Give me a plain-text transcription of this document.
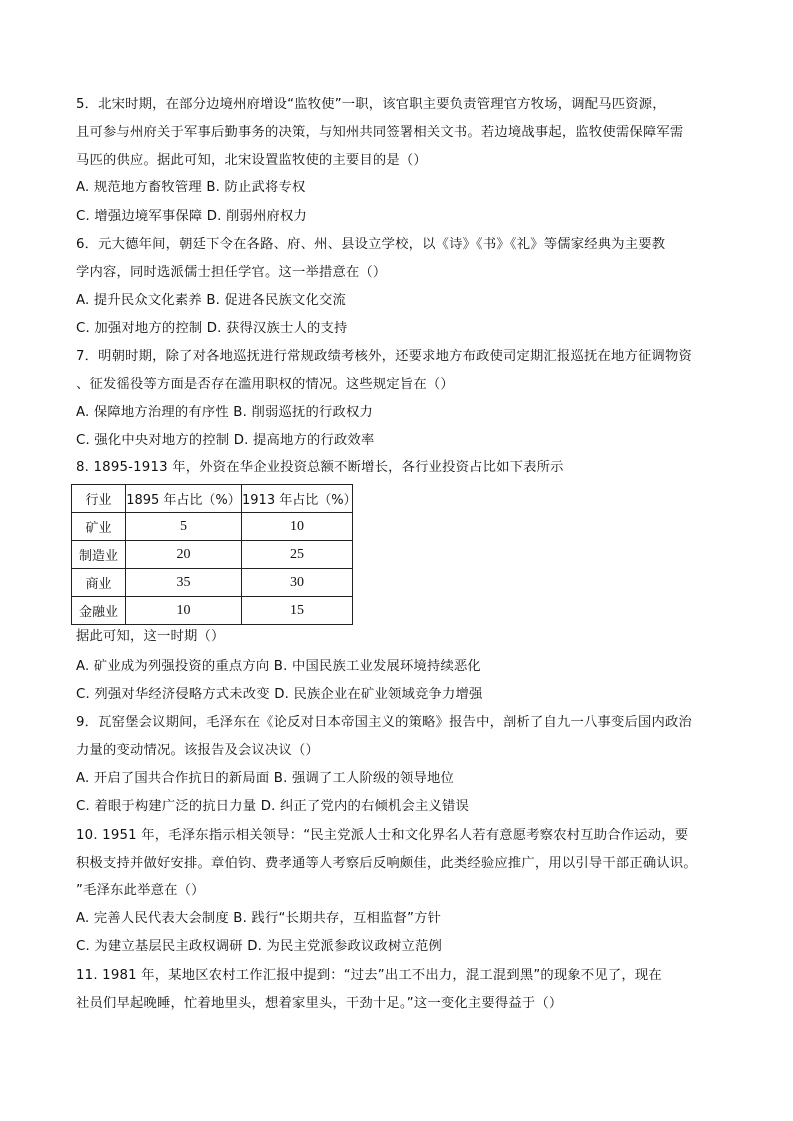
5．北宋时期，在部分边境州府增设“监牧使”一职，该官职主要负责管理官方牧场，调配马匹资源，

且可参与州府关于军事后勤事务的决策，与知州共同签署相关文书。若边境战事起，监牧使需保障军需

马匹的供应。据此可知，北宋设置监牧使的主要目的是（）

A. 规范地方畜牧管理 B. 防止武将专权

C. 增强边境军事保障 D. 削弱州府权力

6．元大德年间，朝廷下令在各路、府、州、县设立学校，以《诗》《书》《礼》等儒家经典为主要教

学内容，同时选派儒士担任学官。这一举措意在（）

A. 提升民众文化素养 B. 促进各民族文化交流

C. 加强对地方的控制 D. 获得汉族士人的支持

7．明朝时期，除了对各地巡抚进行常规政绩考核外，还要求地方布政使司定期汇报巡抚在地方征调物资

、征发徭役等方面是否存在滥用职权的情况。这些规定旨在（）

A. 保障地方治理的有序性 B. 削弱巡抚的行政权力

C. 强化中央对地方的控制 D. 提高地方的行政效率

8. 1895-1913 年，外资在华企业投资总额不断增长，各行业投资占比如下表所示

行业	1895 年占比（%）	1913 年占比（%）
矿业	5	10
制造业	20	25
商业	35	30
金融业	10	15

据此可知，这一时期（）

A. 矿业成为列强投资的重点方向 B. 中国民族工业发展环境持续恶化

C. 列强对华经济侵略方式未改变 D. 民族企业在矿业领域竞争力增强

9．瓦窑堡会议期间，毛泽东在《论反对日本帝国主义的策略》报告中，剖析了自九一八事变后国内政治

力量的变动情况。该报告及会议决议（）

A. 开启了国共合作抗日的新局面 B. 强调了工人阶级的领导地位

C. 着眼于构建广泛的抗日力量 D. 纠正了党内的右倾机会主义错误

10. 1951 年，毛泽东指示相关领导：“民主党派人士和文化界名人若有意愿考察农村互助合作运动，要

积极支持并做好安排。章伯钧、费孝通等人考察后反响颇佳，此类经验应推广，用以引导干部正确认识。

”毛泽东此举意在（）

A. 完善人民代表大会制度 B. 践行“长期共存，互相监督”方针

C. 为建立基层民主政权调研 D. 为民主党派参政议政树立范例

11. 1981 年，某地区农村工作汇报中提到：“过去”出工不出力，混工混到黑”的现象不见了，现在

社员们早起晚睡，忙着地里头，想着家里头，干劲十足。”这一变化主要得益于（）
